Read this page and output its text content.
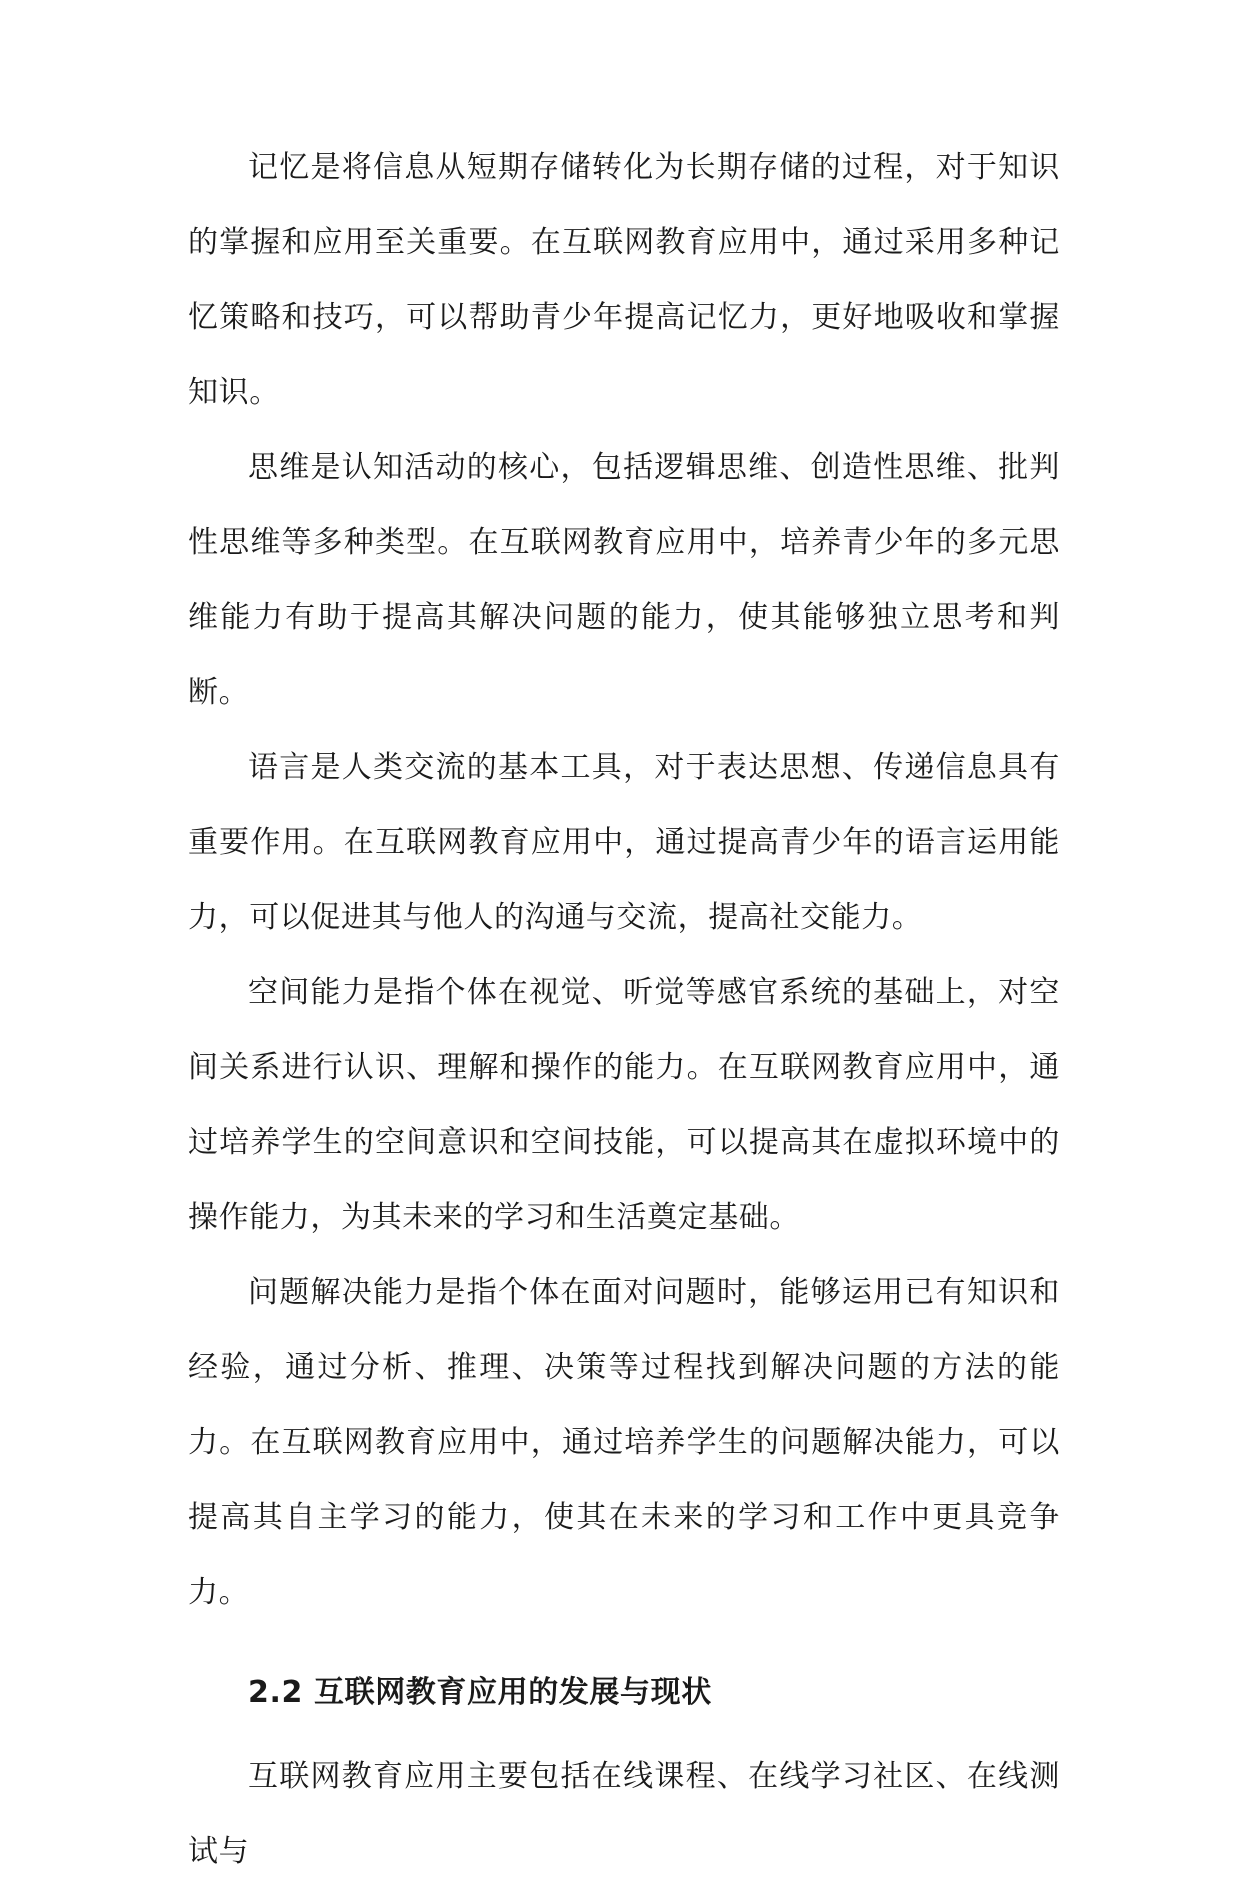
记忆是将信息从短期存储转化为长期存储的过程，对于知识的掌握和应用至关重要。在互联网教育应用中，通过采用多种记忆策略和技巧，可以帮助青少年提高记忆力，更好地吸收和掌握知识。

思维是认知活动的核心，包括逻辑思维、创造性思维、批判性思维等多种类型。在互联网教育应用中，培养青少年的多元思维能力有助于提高其解决问题的能力，使其能够独立思考和判断。

语言是人类交流的基本工具，对于表达思想、传递信息具有重要作用。在互联网教育应用中，通过提高青少年的语言运用能力，可以促进其与他人的沟通与交流，提高社交能力。

空间能力是指个体在视觉、听觉等感官系统的基础上，对空间关系进行认识、理解和操作的能力。在互联网教育应用中，通过培养学生的空间意识和空间技能，可以提高其在虚拟环境中的操作能力，为其未来的学习和生活奠定基础。

问题解决能力是指个体在面对问题时，能够运用已有知识和经验，通过分析、推理、决策等过程找到解决问题的方法的能力。在互联网教育应用中，通过培养学生的问题解决能力，可以提高其自主学习的能力，使其在未来的学习和工作中更具竞争力。

2.2 互联网教育应用的发展与现状

互联网教育应用主要包括在线课程、在线学习社区、在线测试与
